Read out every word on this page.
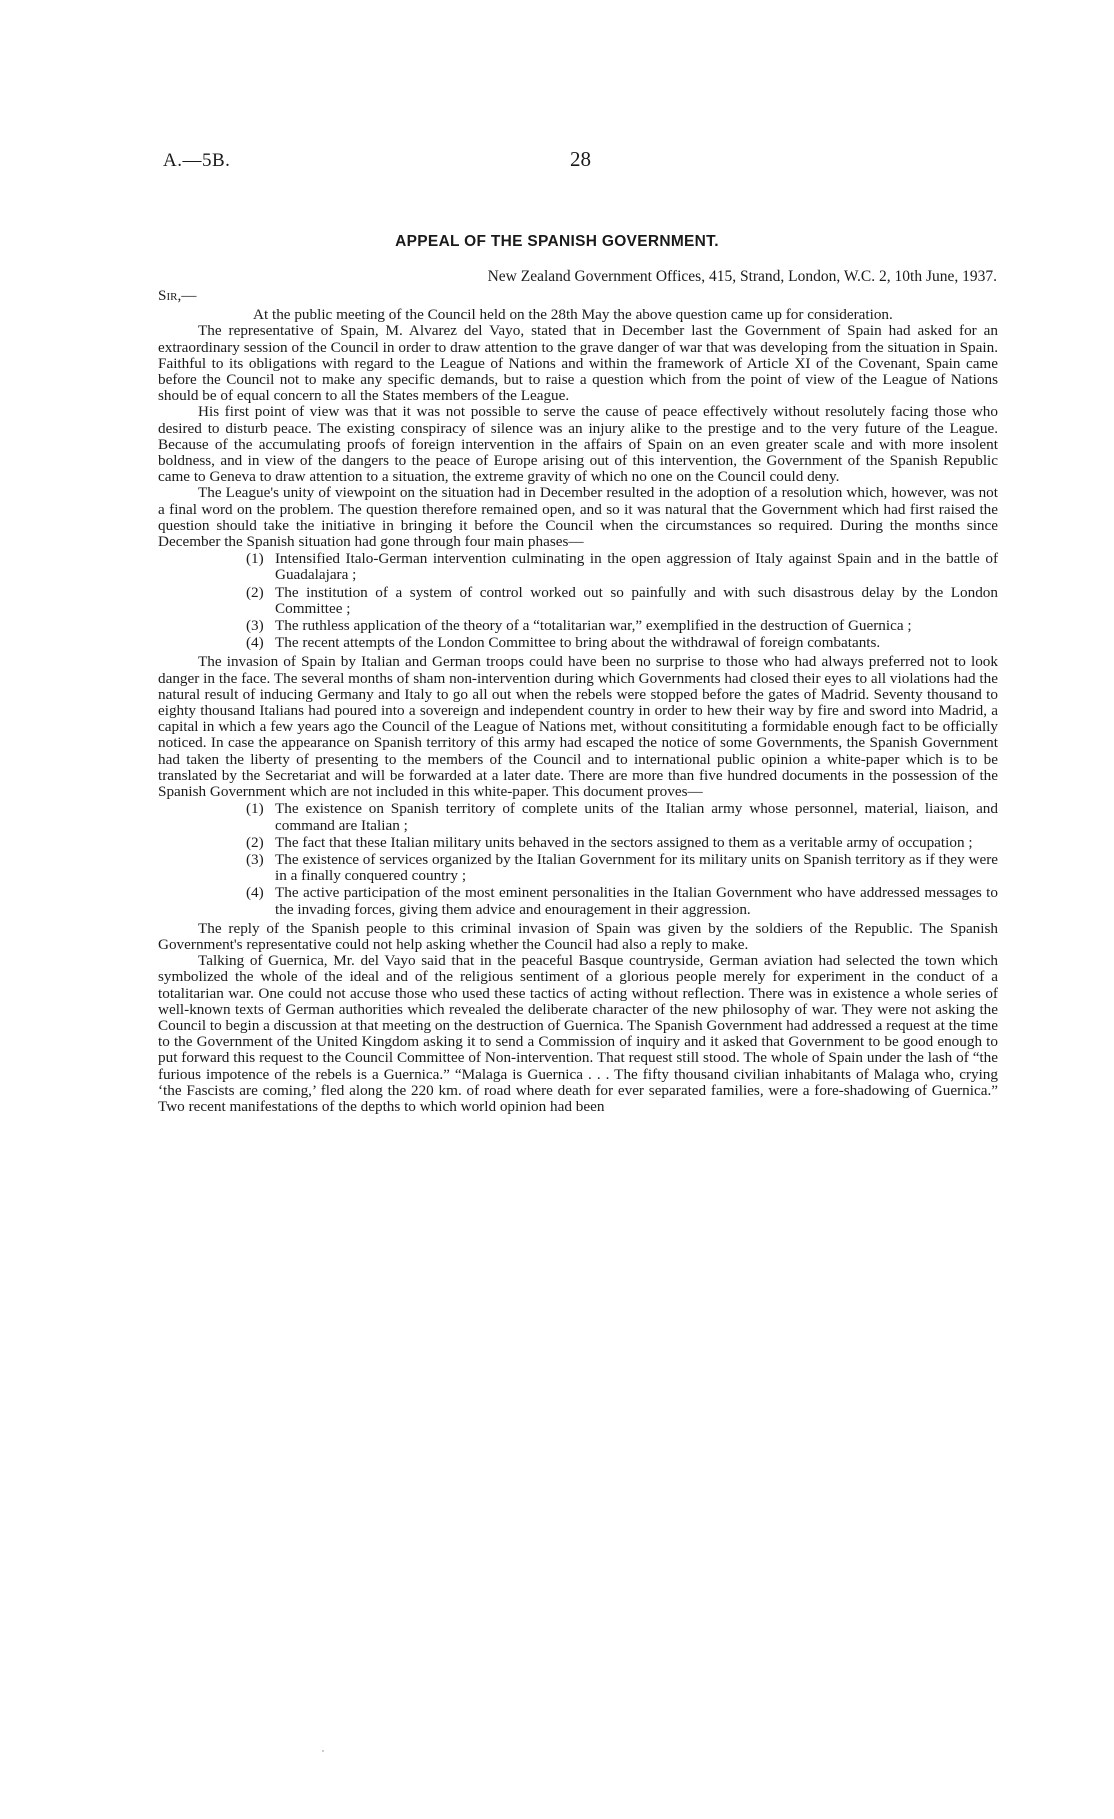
A.—5B.	28
APPEAL OF THE SPANISH GOVERNMENT.
New Zealand Government Offices, 415, Strand, London, W.C. 2, 10th June, 1937.

Sir,—

At the public meeting of the Council held on the 28th May the above question came up for consideration.

The representative of Spain, M. Alvarez del Vayo, stated that in December last the Government of Spain had asked for an extraordinary session of the Council in order to draw attention to the grave danger of war that was developing from the situation in Spain. Faithful to its obligations with regard to the League of Nations and within the framework of Article XI of the Covenant, Spain came before the Council not to make any specific demands, but to raise a question which from the point of view of the League of Nations should be of equal concern to all the States members of the League.

His first point of view was that it was not possible to serve the cause of peace effectively without resolutely facing those who desired to disturb peace. The existing conspiracy of silence was an injury alike to the prestige and to the very future of the League. Because of the accumulating proofs of foreign intervention in the affairs of Spain on an even greater scale and with more insolent boldness, and in view of the dangers to the peace of Europe arising out of this intervention, the Government of the Spanish Republic came to Geneva to draw attention to a situation, the extreme gravity of which no one on the Council could deny.

The League's unity of viewpoint on the situation had in December resulted in the adoption of a resolution which, however, was not a final word on the problem. The question therefore remained open, and so it was natural that the Government which had first raised the question should take the initiative in bringing it before the Council when the circumstances so required. During the months since December the Spanish situation had gone through four main phases—

(1) Intensified Italo-German intervention culminating in the open aggression of Italy against Spain and in the battle of Guadalajara ;
(2) The institution of a system of control worked out so painfully and with such disastrous delay by the London Committee ;
(3) The ruthless application of the theory of a “totalitarian war,” exemplified in the destruction of Guernica ;
(4) The recent attempts of the London Committee to bring about the withdrawal of foreign combatants.

The invasion of Spain by Italian and German troops could have been no surprise to those who had always preferred not to look danger in the face. The several months of sham non-intervention during which Governments had closed their eyes to all violations had the natural result of inducing Germany and Italy to go all out when the rebels were stopped before the gates of Madrid. Seventy thousand to eighty thousand Italians had poured into a sovereign and independent country in order to hew their way by fire and sword into Madrid, a capital in which a few years ago the Council of the League of Nations met, without consitituting a formidable enough fact to be officially noticed. In case the appearance on Spanish territory of this army had escaped the notice of some Governments, the Spanish Government had taken the liberty of presenting to the members of the Council and to international public opinion a white-paper which is to be translated by the Secretariat and will be forwarded at a later date. There are more than five hundred documents in the possession of the Spanish Government which are not included in this white-paper. This document proves—

(1) The existence on Spanish territory of complete units of the Italian army whose personnel, material, liaison, and command are Italian ;
(2) The fact that these Italian military units behaved in the sectors assigned to them as a veritable army of occupation ;
(3) The existence of services organized by the Italian Government for its military units on Spanish territory as if they were in a finally conquered country ;
(4) The active participation of the most eminent personalities in the Italian Government who have addressed messages to the invading forces, giving them advice and enouragement in their aggression.

The reply of the Spanish people to this criminal invasion of Spain was given by the soldiers of the Republic. The Spanish Government's representative could not help asking whether the Council had also a reply to make.

Talking of Guernica, Mr. del Vayo said that in the peaceful Basque countryside, German aviation had selected the town which symbolized the whole of the ideal and of the religious sentiment of a glorious people merely for experiment in the conduct of a totalitarian war. One could not accuse those who used these tactics of acting without reflection. There was in existence a whole series of well-known texts of German authorities which revealed the deliberate character of the new philosophy of war. They were not asking the Council to begin a discussion at that meeting on the destruction of Guernica. The Spanish Government had addressed a request at the time to the Government of the United Kingdom asking it to send a Commission of inquiry and it asked that Government to be good enough to put forward this request to the Council Committee of Non-intervention. That request still stood. The whole of Spain under the lash of “the furious impotence of the rebels is a Guernica.” “Malaga is Guernica . . . The fifty thousand civilian inhabitants of Malaga who, crying ‘the Fascists are coming,’ fled along the 220 km. of road where death for ever separated families, were a fore-shadowing of Guernica.” Two recent manifestations of the depths to which world opinion had been
